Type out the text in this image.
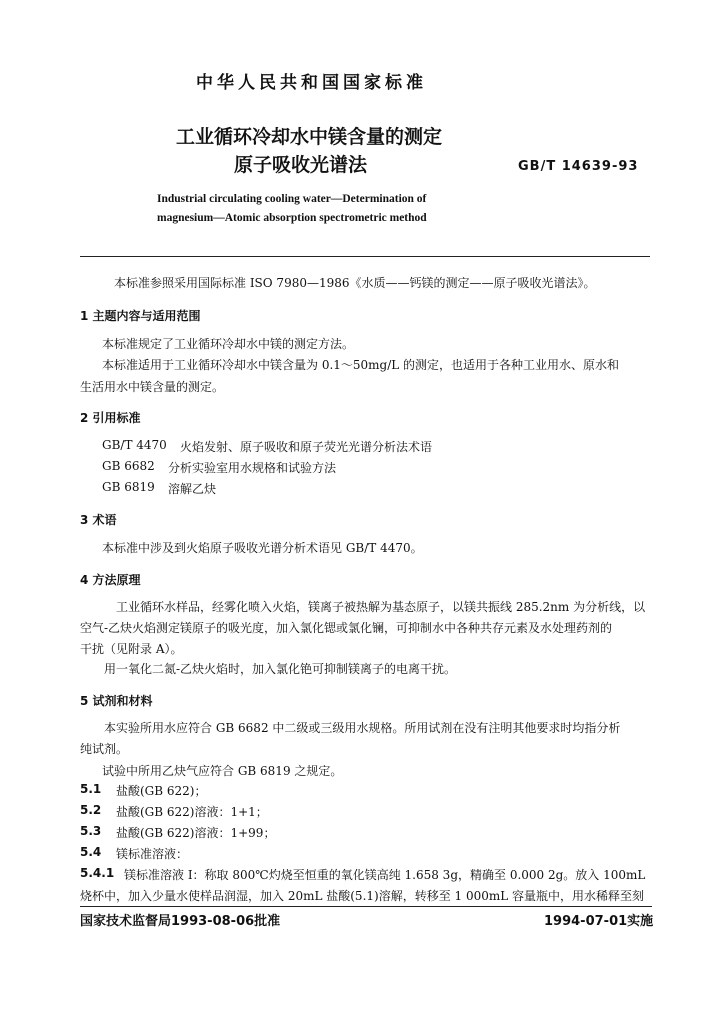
中华人民共和国国家标准
工业循环冷却水中镁含量的测定
原子吸收光谱法	GB/T 14639-93
Industrial circulating cooling water—Determination of
magnesium—Atomic absorption spectrometric method
本标准参照采用国际标准 ISO 7980—1986《水质——钙镁的测定——原子吸收光谱法》。
1 主题内容与适用范围
本标准规定了工业循环冷却水中镁的测定方法。
本标准适用于工业循环冷却水中镁含量为 0.1～50mg/L 的测定，也适用于各种工业用水、原水和
生活用水中镁含量的测定。
2 引用标准
GB/T 4470 火焰发射、原子吸收和原子荧光光谱分析法术语
GB 6682 分析实验室用水规格和试验方法
GB 6819 溶解乙炔
3 术语
本标准中涉及到火焰原子吸收光谱分析术语见 GB/T 4470。
4 方法原理
工业循环水样品，经雾化喷入火焰，镁离子被热解为基态原子，以镁共振线 285.2nm 为分析线，以
空气-乙炔火焰测定镁原子的吸光度，加入氯化锶或氯化镧，可抑制水中各种共存元素及水处理药剂的
干扰（见附录 A）。
用一氧化二氮-乙炔火焰时，加入氯化铯可抑制镁离子的电离干扰。
5 试剂和材料
本实验所用水应符合 GB 6682 中二级或三级用水规格。所用试剂在没有注明其他要求时均指分析
纯试剂。
试验中所用乙炔气应符合 GB 6819 之规定。
5.1 盐酸(GB 622)；
5.2 盐酸(GB 622)溶液：1+1；
5.3 盐酸(GB 622)溶液：1+99；
5.4 镁标准溶液：
5.4.1 镁标准溶液 Ⅰ：称取 800℃灼烧至恒重的氧化镁高纯 1.658 3g，精确至 0.000 2g。放入 100mL
烧杯中，加入少量水使样品润湿，加入 20mL 盐酸(5.1)溶解，转移至 1 000mL 容量瓶中，用水稀释至刻
国家技术监督局1993-08-06批准	1994-07-01实施
